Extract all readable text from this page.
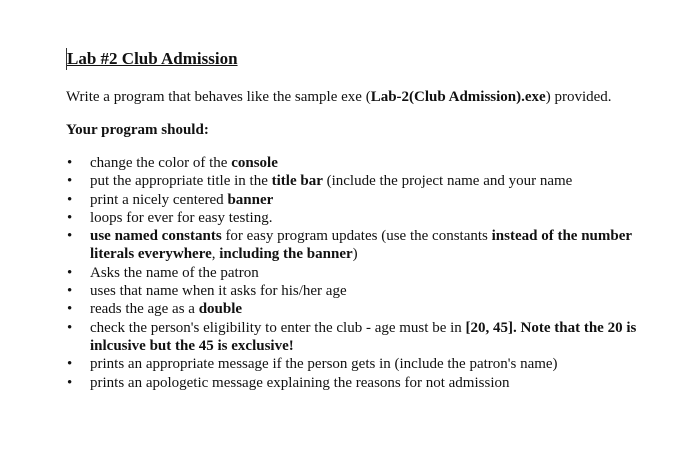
Lab #2 Club Admission

Write a program that behaves like the sample exe (Lab-2(Club Admission).exe) provided.

Your program should:

• change the color of the console
• put the appropriate title in the title bar (include the project name and your name
• print a nicely centered banner
• loops for ever for easy testing.
• use named constants for easy program updates (use the constants instead of the number literals everywhere, including the banner)
• Asks the name of the patron
• uses that name when it asks for his/her age
• reads the age as a double
• check the person's eligibility to enter the club - age must be in [20, 45]. Note that the 20 is inlcusive but the 45 is exclusive!
• prints an appropriate message if the person gets in (include the patron's name)
• prints an apologetic message explaining the reasons for not admission
